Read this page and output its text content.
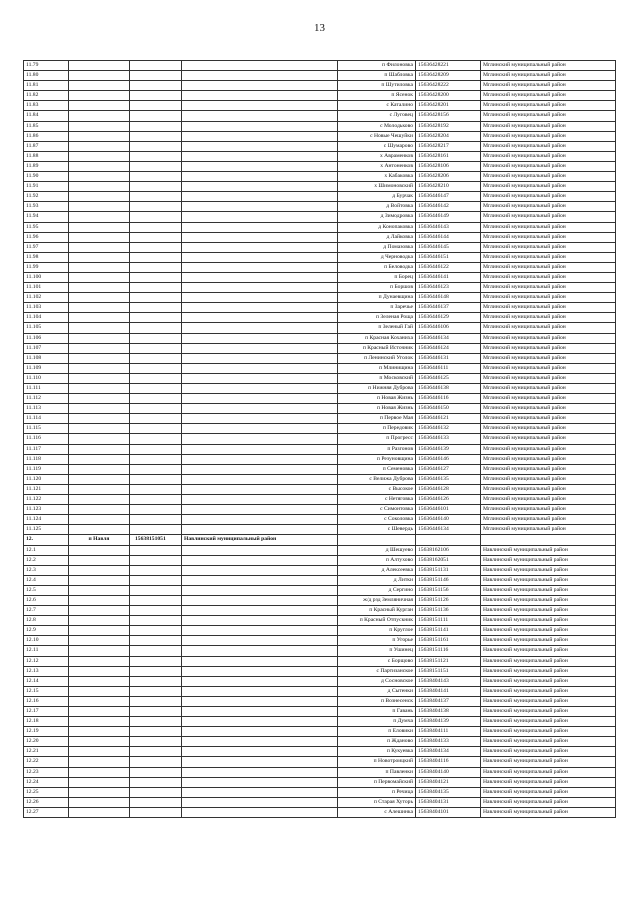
13
11.79				п Филоновка	15636428221	Мглинский муниципальный район
11.80				п Шабловка	15636428209	Мглинский муниципальный район
11.81				п Шутиловка	15636428222	Мглинский муниципальный район
11.82				п Ясенок	15636428200	Мглинский муниципальный район
11.83				с Каталино	15636428201	Мглинский муниципальный район
11.84				с Луговец	15636428156	Мглинский муниципальный район
11.85				с Молодьково	15636428192	Мглинский муниципальный район
11.86				с Новые Чешуйки	15636428204	Мглинский муниципальный район
11.87				с Шумарово	15636428217	Мглинский муниципальный район
11.88				х Авраменков	15636428161	Мглинский муниципальный район
11.89				х Антоненков	15636428106	Мглинский муниципальный район
11.90				х Кабаковка	15636428206	Мглинский муниципальный район
11.91				х Шимоновский	15636428210	Мглинский муниципальный район
11.92				д Бурчак	15636446147	Мглинский муниципальный район
11.93				д Войтовка	15636446142	Мглинский муниципальный район
11.94				д Зимодровка	15636446149	Мглинский муниципальный район
11.95				д Конопаковка	15636446143	Мглинский муниципальный район
11.96				д Лайковка	15636446144	Мглинский муниципальный район
11.97				д Помазовка	15636446145	Мглинский муниципальный район
11.98				д Черноводка	15636446151	Мглинский муниципальный район
11.99				п Беловодка	15636446122	Мглинский муниципальный район
11.100				п Борец	15636446141	Мглинский муниципальный район
11.101				п Боршов	15636446123	Мглинский муниципальный район
11.102				п Дунаевщина	15636446148	Мглинский муниципальный район
11.103				п Заречье	15636446137	Мглинский муниципальный район
11.104				п Зеленая Роща	15636446129	Мглинский муниципальный район
11.105				п Зеленый Гай	15636446106	Мглинский муниципальный район
11.106				п Красная Коханиха	15636446134	Мглинский муниципальный район
11.107				п Красный Источник	15636446124	Мглинский муниципальный район
11.108				п Ленинский Уголок	15636446131	Мглинский муниципальный район
11.109				п Млинищина	15636446111	Мглинский муниципальный район
11.110				п Московский	15636446125	Мглинский муниципальный район
11.111				п Нижняя Дуброва	15636446138	Мглинский муниципальный район
11.112				п Новая Жизнь	15636446116	Мглинский муниципальный район
11.113				п Новая Жизнь	15636446150	Мглинский муниципальный район
11.114				п Первое Мая	15636446121	Мглинский муниципальный район
11.115				п Передовик	15636446132	Мглинский муниципальный район
11.116				п Прогресс	15636446133	Мглинский муниципальный район
11.117				п Разгонов	15636446139	Мглинский муниципальный район
11.118				п Резуновщина	15636446146	Мглинский муниципальный район
11.119				п Семеновка	15636446127	Мглинский муниципальный район
11.120				с Велижа Дуброва	15636446135	Мглинский муниципальный район
11.121				с Высокое	15636446128	Мглинский муниципальный район
11.122				с Нетяговка	15636446126	Мглинский муниципальный район
11.123				с Симонтовка	15636446101	Мглинский муниципальный район
11.124				с Соколовка	15636446140	Мглинский муниципальный район
11.125				с Шевердь	15636446134	Мглинский муниципальный район
12.	п Навля	15638151051	Навлинский муниципальный район			
12.1				д Шешуево	15638162106	Навлинский муниципальный район
12.2				п Алтухово	15638162051	Навлинский муниципальный район
12.3				д Алексеевка	15638151131	Навлинский муниципальный район
12.4				д Литки	15638151146	Навлинский муниципальный район
12.5				д Сергино	15638151156	Навлинский муниципальный район
12.6				ж/д рзд Земляничная	15638151126	Навлинский муниципальный район
12.7				п Красный Курган	15638151136	Навлинский муниципальный район
12.8				п Красный Отпускник	15638151111	Навлинский муниципальный район
12.9				п Круглое	15638151141	Навлинский муниципальный район
12.10				п Угорье	15638151161	Навлинский муниципальный район
12.11				п Ушинец	15638151116	Навлинский муниципальный район
12.12				с Борщово	15638151121	Навлинский муниципальный район
12.13				с Партизанское	15638151151	Навлинский муниципальный район
12.14				д Сосновское	15638404143	Навлинский муниципальный район
12.15				д Сытенки	15638404141	Навлинский муниципальный район
12.16				п Вознесенск	15638404137	Навлинский муниципальный район
12.17				п Гавань	15638404138	Навлинский муниципальный район
12.18				п Думча	15638404139	Навлинский муниципальный район
12.19				п Еловики	15638404111	Навлинский муниципальный район
12.20				п Жданово	15638404133	Навлинский муниципальный район
12.21				п Кукуевка	15638404134	Навлинский муниципальный район
12.22				п Новотроицкий	15638404116	Навлинский муниципальный район
12.23				п Павленки	15638404140	Навлинский муниципальный район
12.24				п Первомайский	15638404121	Навлинский муниципальный район
12.25				п Речица	15638404135	Навлинский муниципальный район
12.26				п Старая Хуторь	15638404131	Навлинский муниципальный район
12.27				с Алешинка	15638404101	Навлинский муниципальный район
